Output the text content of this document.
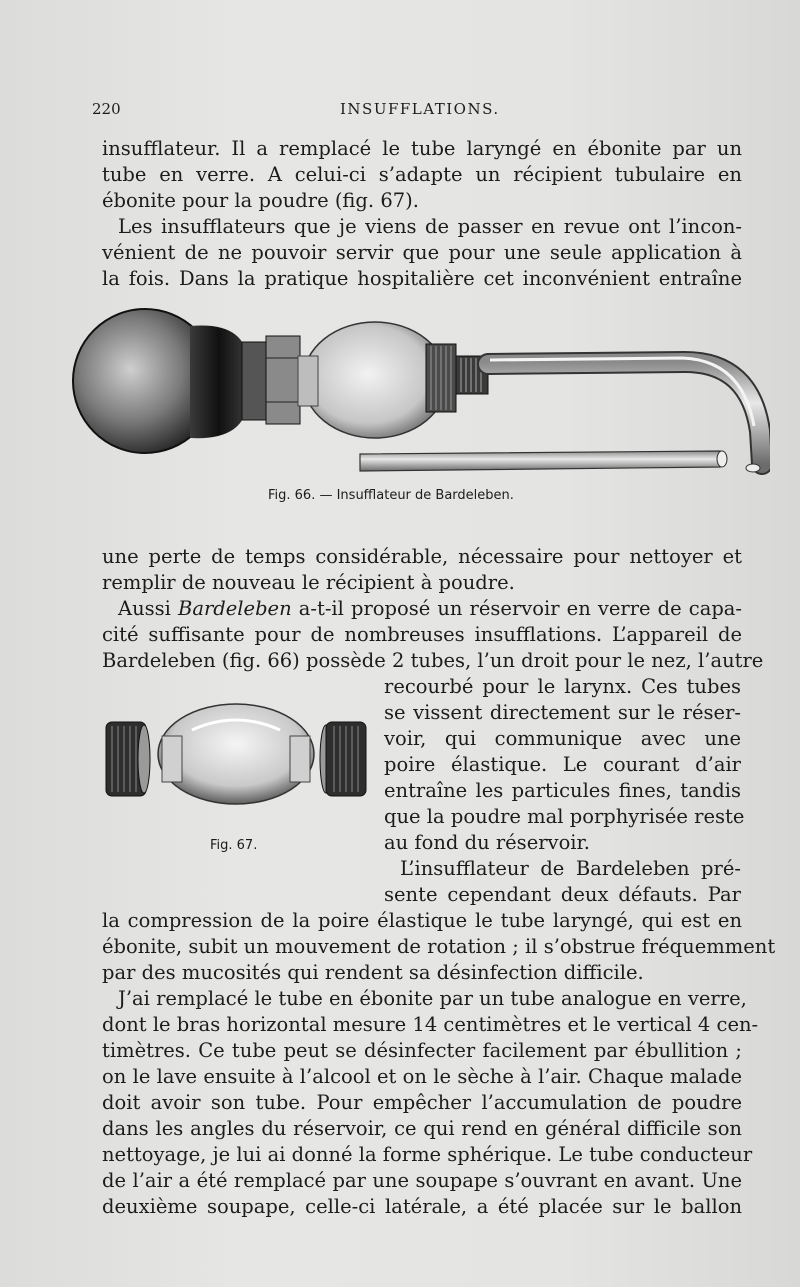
220	INSUFFLATIONS.
insufflateur. Il a remplacé le tube laryngé en ébonite par un
tube en verre. A celui-ci s’adapte un récipient tubulaire en
ébonite pour la poudre (fig. 67).
Les insufflateurs que je viens de passer en revue ont l’incon-
vénient de ne pouvoir servir que pour une seule application à
la fois. Dans la pratique hospitalière cet inconvénient entraîne
Fig. 66. — Insufflateur de Bardeleben.
une perte de temps considérable, nécessaire pour nettoyer et
remplir de nouveau le récipient à poudre.
Aussi Bardeleben a-t-il proposé un réservoir en verre de capa-
cité suffisante pour de nombreuses insufflations. L’appareil de
Bardeleben (fig. 66) possède 2 tubes, l’un droit pour le nez, l’autre
Fig. 67.
recourbé pour le larynx. Ces tubes
se vissent directement sur le réser-
voir, qui communique avec une
poire élastique. Le courant d’air
entraîne les particules fines, tandis
que la poudre mal porphyrisée reste
au fond du réservoir.
L’insufflateur de Bardeleben pré-
sente cependant deux défauts. Par
la compression de la poire élastique le tube laryngé, qui est en
ébonite, subit un mouvement de rotation ; il s’obstrue fréquemment
par des mucosités qui rendent sa désinfection difficile.
J’ai remplacé le tube en ébonite par un tube analogue en verre,
dont le bras horizontal mesure 14 centimètres et le vertical 4 cen-
timètres. Ce tube peut se désinfecter facilement par ébullition ;
on le lave ensuite à l’alcool et on le sèche à l’air. Chaque malade
doit avoir son tube. Pour empêcher l’accumulation de poudre
dans les angles du réservoir, ce qui rend en général difficile son
nettoyage, je lui ai donné la forme sphérique. Le tube conducteur
de l’air a été remplacé par une soupape s’ouvrant en avant. Une
deuxième soupape, celle-ci latérale, a été placée sur le ballon
